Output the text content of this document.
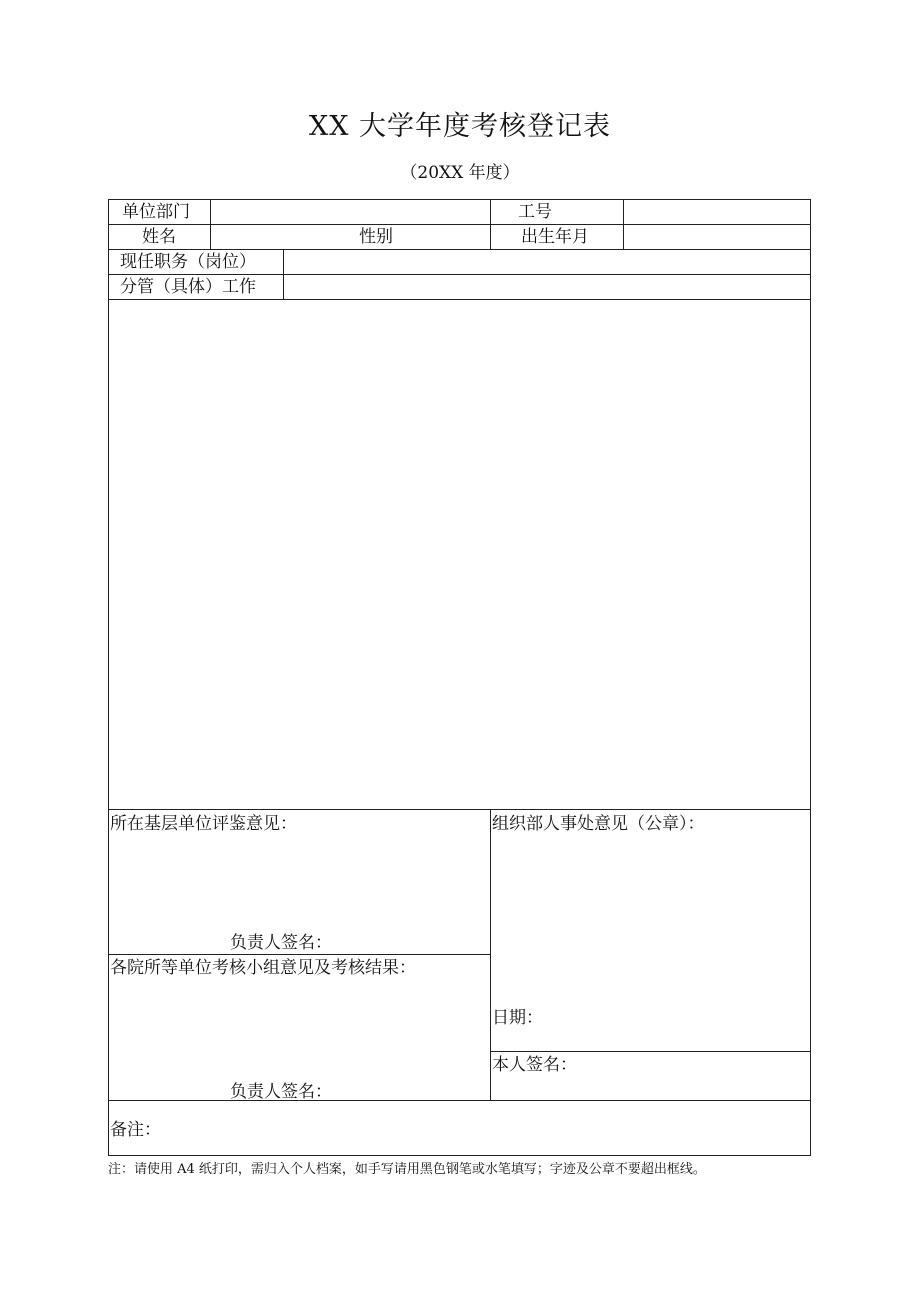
XX 大学年度考核登记表
（20XX 年度）
单位部门	工号
姓名	性别	出生年月
现任职务（岗位）
分管（具体）工作
所在基层单位评鉴意见：
负责人签名：
各院所等单位考核小组意见及考核结果：
负责人签名：
组织部人事处意见（公章）：
日期：
本人签名：
备注：
注：请使用 A4 纸打印，需归入个人档案，如手写请用黑色钢笔或水笔填写；字迹及公章不要超出框线。
